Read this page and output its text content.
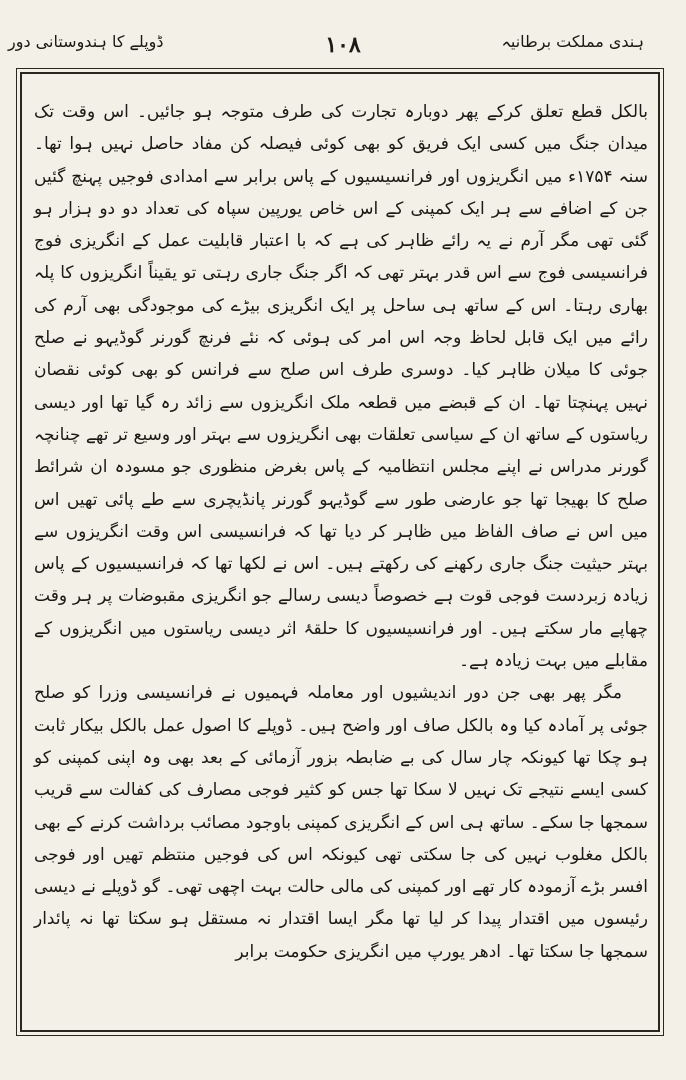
ہندی مملکت برطانیہ
۱۰۸
ڈوپلے کا ہندوستانی دور

بالکل قطع تعلق کرکے پھر دوبارہ تجارت کی طرف متوجہ ہو جائیں۔ اس وقت تک میدان جنگ میں کسی ایک فریق کو بھی کوئی فیصلہ کن مفاد حاصل نہیں ہوا تھا۔ سنہ ۱۷۵۴ء میں انگریزوں اور فرانسیسیوں کے پاس برابر سے امدادی فوجیں پہنچ گئیں جن کے اضافے سے ہر ایک کمپنی کے اس خاص یورپین سپاہ کی تعداد دو دو ہزار ہو گئی تھی مگر آرم نے یہ رائے ظاہر کی ہے کہ با اعتبار قابلیت عمل کے انگریزی فوج فرانسیسی فوج سے اس قدر بہتر تھی کہ اگر جنگ جاری رہتی تو یقیناً انگریزوں کا پلہ بھاری رہتا۔ اس کے ساتھ ہی ساحل پر ایک انگریزی بیڑے کی موجودگی بھی آرم کی رائے میں ایک قابل لحاظ وجہ اس امر کی ہوئی کہ نئے فرنچ گورنر گوڈیہو نے صلح جوئی کا میلان ظاہر کیا۔ دوسری طرف اس صلح سے فرانس کو بھی کوئی نقصان نہیں پہنچتا تھا۔ ان کے قبضے میں قطعہ ملک انگریزوں سے زائد رہ گیا تھا اور دیسی ریاستوں کے ساتھ ان کے سیاسی تعلقات بھی انگریزوں سے بہتر اور وسیع تر تھے چنانچہ گورنر مدراس نے اپنے مجلس انتظامیہ کے پاس بغرض منظوری جو مسودہ ان شرائط صلح کا بھیجا تھا جو عارضی طور سے گوڈیہو گورنر پانڈیچری سے طے پائی تھیں اس میں اس نے صاف الفاظ میں ظاہر کر دیا تھا کہ فرانسیسی اس وقت انگریزوں سے بہتر حیثیت جنگ جاری رکھنے کی رکھتے ہیں۔ اس نے لکھا تھا کہ فرانسیسیوں کے پاس زیادہ زبردست فوجی قوت ہے خصوصاً دیسی رسالے جو انگریزی مقبوضات پر ہر وقت چھاپے مار سکتے ہیں۔ اور فرانسیسیوں کا حلقۂ اثر دیسی ریاستوں میں انگریزوں کے مقابلے میں بہت زیادہ ہے۔

مگر پھر بھی جن دور اندیشیوں اور معاملہ فہمیوں نے فرانسیسی وزرا کو صلح جوئی پر آمادہ کیا وہ بالکل صاف اور واضح ہیں۔ ڈوپلے کا اصول عمل بالکل بیکار ثابت ہو چکا تھا کیونکہ چار سال کی بے ضابطہ بزور آزمائی کے بعد بھی وہ اپنی کمپنی کو کسی ایسے نتیجے تک نہیں لا سکا تھا جس کو کثیر فوجی مصارف کی کفالت سے قریب سمجھا جا سکے۔ ساتھ ہی اس کے انگریزی کمپنی باوجود مصائب برداشت کرنے کے بھی بالکل مغلوب نہیں کی جا سکتی تھی کیونکہ اس کی فوجیں منتظم تھیں اور فوجی افسر بڑے آزمودہ کار تھے اور کمپنی کی مالی حالت بہت اچھی تھی۔ گو ڈوپلے نے دیسی رئیسوں میں اقتدار پیدا کر لیا تھا مگر ایسا اقتدار نہ مستقل ہو سکتا تھا نہ پائدار سمجھا جا سکتا تھا۔ ادھر یورپ میں انگریزی حکومت برابر
